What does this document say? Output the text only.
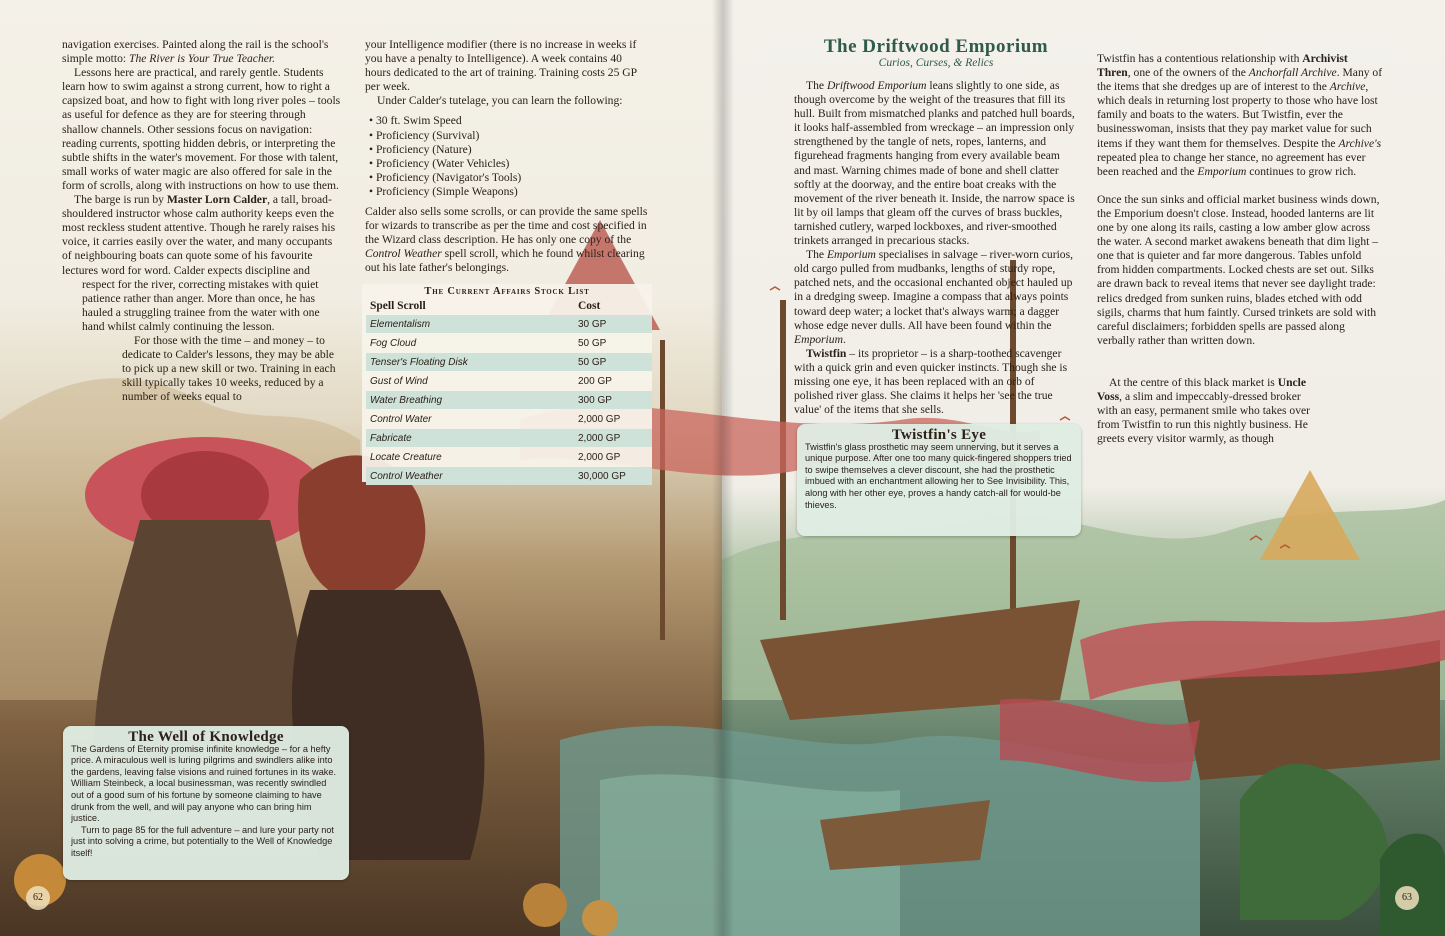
navigation exercises. Painted along the rail is the school's simple motto: The River is Your True Teacher.

Lessons here are practical, and rarely gentle. Students learn how to swim against a strong current, how to right a capsized boat, and how to fight with long river poles – tools as useful for defence as they are for steering through shallow channels. Other sessions focus on navigation: reading currents, spotting hidden debris, or interpreting the subtle shifts in the water's movement. For those with talent, small works of water magic are also offered for sale in the form of scrolls, along with instructions on how to use them.

The barge is run by Master Lorn Calder, a tall, broad-shouldered instructor whose calm authority keeps even the most reckless student attentive. Though he rarely raises his voice, it carries easily over the water, and many occupants of neighbouring boats can quote some of his favourite lectures word for word. Calder expects discipline and

respect for the river, correcting mistakes with quiet patience rather than anger. More than once, he has hauled a struggling trainee from the water with one hand whilst calmly continuing the lesson.

For those with the time – and money – to dedicate to Calder's lessons, they may be able to pick up a new skill or two. Training in each skill typically takes 10 weeks, reduced by a number of weeks equal to

your Intelligence modifier (there is no increase in weeks if you have a penalty to Intelligence). A week contains 40 hours dedicated to the art of training. Training costs 25 GP per week.

Under Calder's tutelage, you can learn the following:

• 30 ft. Swim Speed
• Proficiency (Survival)
• Proficiency (Nature)
• Proficiency (Water Vehicles)
• Proficiency (Navigator's Tools)
• Proficiency (Simple Weapons)

Calder also sells some scrolls, or can provide the same spells for wizards to transcribe as per the time and cost specified in the Wizard class description. He has only one copy of the Control Weather spell scroll, which he found whilst clearing out his late father's belongings.

The Current Affairs Stock List
Spell Scroll	Cost
Elementalism	30 GP
Fog Cloud	50 GP
Tenser's Floating Disk	50 GP
Gust of Wind	200 GP
Water Breathing	300 GP
Control Water	2,000 GP
Fabricate	2,000 GP
Locate Creature	2,000 GP
Control Weather	30,000 GP
The Well of Knowledge

The Gardens of Eternity promise infinite knowledge – for a hefty price. A miraculous well is luring pilgrims and swindlers alike into the gardens, leaving false visions and ruined fortunes in its wake. William Steinbeck, a local businessman, was recently swindled out of a good sum of his fortune by someone claiming to have drunk from the well, and will pay anyone who can bring him justice.

Turn to page 85 for the full adventure – and lure your party not just into solving a crime, but potentially to the Well of Knowledge itself!

62	63
The Driftwood Emporium
Curios, Curses, & Relics

The Driftwood Emporium leans slightly to one side, as though overcome by the weight of the treasures that fill its hull. Built from mismatched planks and patched hull boards, it looks half-assembled from wreckage – an impression only strengthened by the tangle of nets, ropes, lanterns, and figurehead fragments hanging from every available beam and mast. Warning chimes made of bone and shell clatter softly at the doorway, and the entire boat creaks with the movement of the river beneath it. Inside, the narrow space is lit by oil lamps that gleam off the curves of brass buckles, tarnished cutlery, warped lockboxes, and river-smoothed trinkets arranged in precarious stacks.

The Emporium specialises in salvage – river-worn curios, old cargo pulled from mudbanks, lengths of sturdy rope, patched nets, and the occasional enchanted object hauled up in a dredging sweep. Imagine a compass that always points toward deep water; a locket that's always warm; a dagger whose edge never dulls. All have been found within the Emporium.

Twistfin – its proprietor – is a sharp-toothed scavenger with a quick grin and even quicker instincts. Though she is missing one eye, it has been replaced with an orb of polished river glass. She claims it helps her 'see the true value' of the items that she sells.

Twistfin's Eye

Twistfin's glass prosthetic may seem unnerving, but it serves a unique purpose. After one too many quick-fingered shoppers tried to swipe themselves a clever discount, she had the prosthetic imbued with an enchantment allowing her to See Invisibility. This, along with her other eye, proves a handy catch-all for would-be thieves.

Twistfin has a contentious relationship with Archivist Thren, one of the owners of the Anchorfall Archive. Many of the items that she dredges up are of interest to the Archive, which deals in returning lost property to those who have lost family and boats to the waters. But Twistfin, ever the businesswoman, insists that they pay market value for such items if they want them for themselves. Despite the Archive's repeated plea to change her stance, no agreement has ever been reached and the Emporium continues to grow rich.

Once the sun sinks and official market business winds down, the Emporium doesn't close. Instead, hooded lanterns are lit one by one along its rails, casting a low amber glow across the water. A second market awakens beneath that dim light – one that is quieter and far more dangerous. Tables unfold from hidden compartments. Locked chests are set out. Silks are drawn back to reveal items that never see daylight trade: relics dredged from sunken ruins, blades etched with odd sigils, charms that hum faintly. Cursed trinkets are sold with careful disclaimers; forbidden spells are passed along verbally rather than written down.

At the centre of this black market is Uncle Voss, a slim and impeccably-dressed broker with an easy, permanent smile who takes over from Twistfin to run this nightly business. He greets every visitor warmly, as though
